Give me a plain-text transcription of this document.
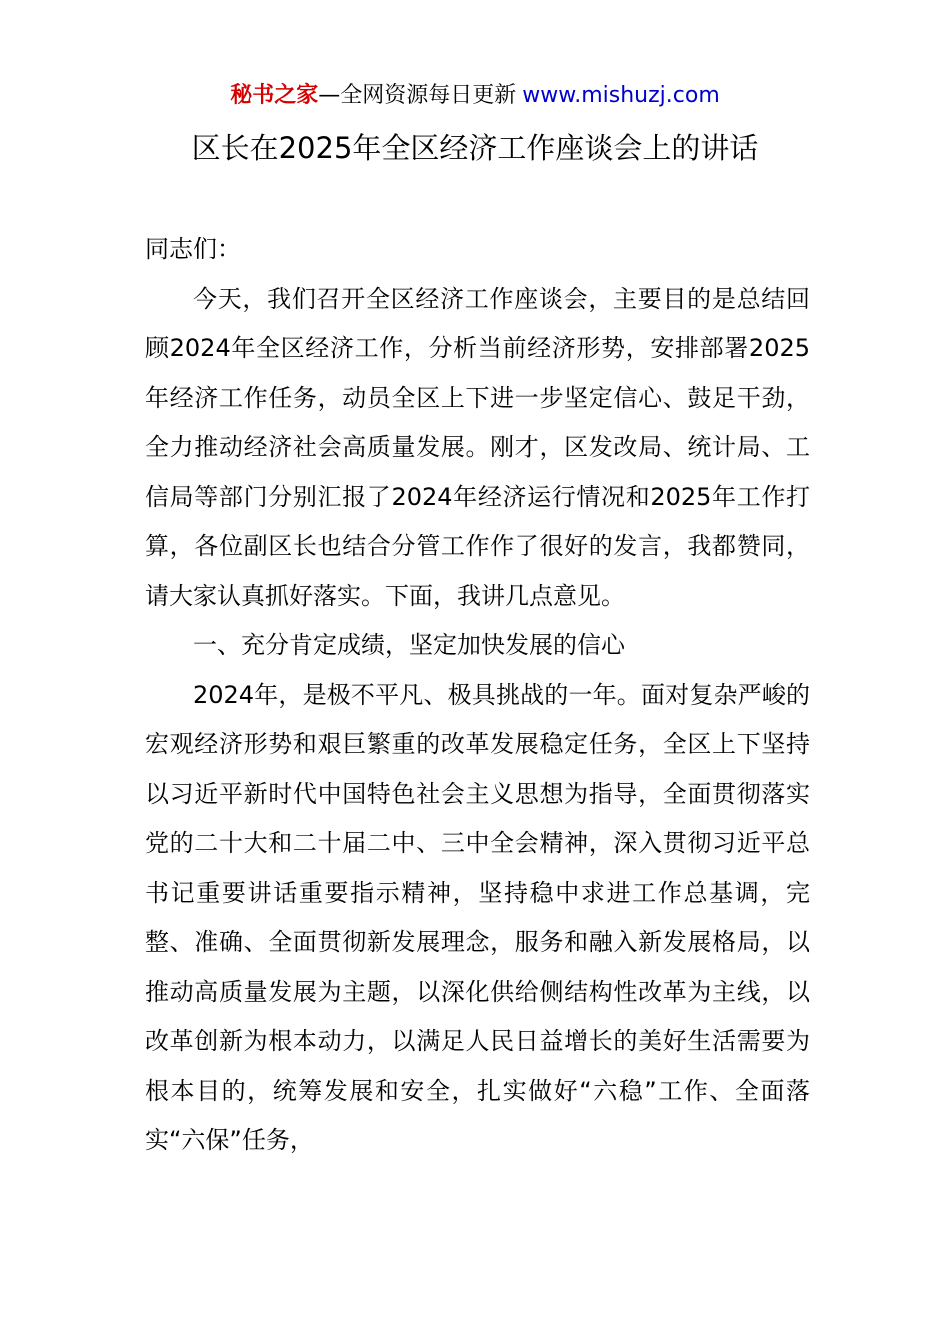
秘书之家—全网资源每日更新 www.mishuzj.com
区长在2025年全区经济工作座谈会上的讲话

同志们：

今天，我们召开全区经济工作座谈会，主要目的是总结回顾2024年全区经济工作，分析当前经济形势，安排部署2025年经济工作任务，动员全区上下进一步坚定信心、鼓足干劲，全力推动经济社会高质量发展。刚才，区发改局、统计局、工信局等部门分别汇报了2024年经济运行情况和2025年工作打算，各位副区长也结合分管工作作了很好的发言，我都赞同，请大家认真抓好落实。下面，我讲几点意见。

一、充分肯定成绩，坚定加快发展的信心

2024年，是极不平凡、极具挑战的一年。面对复杂严峻的宏观经济形势和艰巨繁重的改革发展稳定任务，全区上下坚持以习近平新时代中国特色社会主义思想为指导，全面贯彻落实党的二十大和二十届二中、三中全会精神，深入贯彻习近平总书记重要讲话重要指示精神，坚持稳中求进工作总基调，完整、准确、全面贯彻新发展理念，服务和融入新发展格局，以推动高质量发展为主题，以深化供给侧结构性改革为主线，以改革创新为根本动力，以满足人民日益增长的美好生活需要为根本目的，统筹发展和安全，扎实做好“六稳”工作、全面落实“六保”任务，
